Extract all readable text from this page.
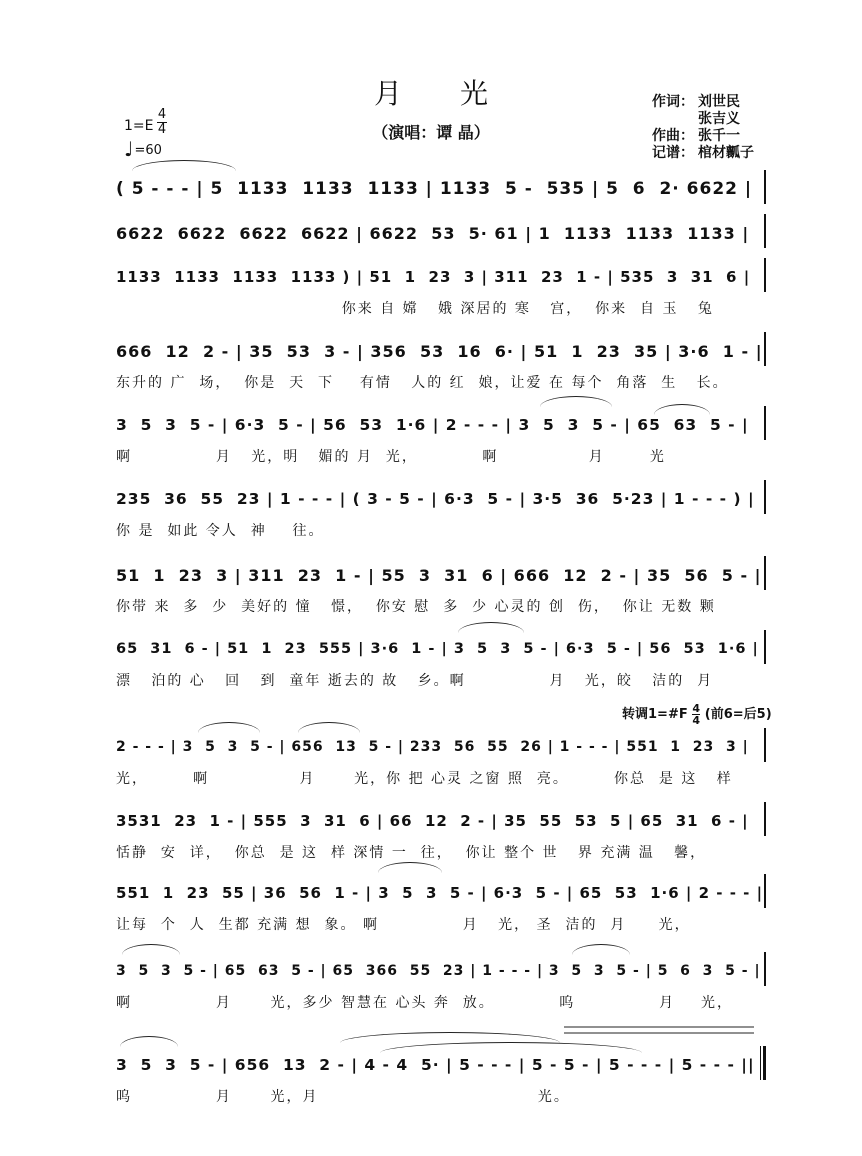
月光
（演唱：谭 晶）
1=E
4
4
♩=60
作词： 刘世民
张吉义
作曲： 张千一
记谱： 棺材瓤子
转调1=#F $\frac{4}{4}$ (前6=后5)
( 5 - - - | 5  1133  1133  1133 | 1133  5 -  535 | 5  6  2· 6622 |
6622  6622  6622  6622 | 6622  53  5· 61 | 1  1133  1133  1133 |
1133  1133  1133  1133 ) | 51  1  23  3 | 311  23  1 - | 535  3  31  6 |
你来 自 嫦   娥 深居的 寒   宫，  你来  自 玉   兔
666  12  2 - | 35  53  3 - | 356  53  16  6· | 51  1  23  35 | 3·6  1 - |
东升的 广  场，  你是  天  下    有情   人的 红  娘，让爱 在 每个  角落  生   长。
3  5  3  5 - | 6·3  5 - | 56  53  1·6 | 2 - - - | 3  5  3  5 - | 65  63  5 - |
啊             月   光，明   媚的 月  光，          啊              月       光
235  36  55  23 | 1 - - - | ( 3 - 5 - | 6·3  5 - | 3·5  36  5·23 | 1 - - - ) |
你 是  如此 令人  神    往。
51  1  23  3 | 311  23  1 - | 55  3  31  6 | 666  12  2 - | 35  56  5 - |
你带 来  多  少  美好的 憧   憬，  你安 慰  多  少 心灵的 创  伤，  你让 无数 颗
65  31  6 - | 51  1  23  555 | 3·6  1 - | 3  5  3  5 - | 6·3  5 - | 56  53  1·6 |
漂   泊的 心   回   到  童年 逝去的 故   乡。啊             月   光，皎   洁的  月
2 - - - | 3  5  3  5 - | 656  13  5 - | 233  56  55  26 | 1 - - - | 551  1  23  3 |
光，       啊              月      光，你 把 心灵 之窗 照  亮。       你总  是 这   样
3531  23  1 - | 555  3  31  6 | 66  12  2 - | 35  55  53  5 | 65  31  6 - |
恬静  安  详，  你总  是 这  样 深情 一  往，  你让 整个 世   界 充满 温   馨，
551  1  23  55 | 36  56  1 - | 3  5  3  5 - | 6·3  5 - | 65  53  1·6 | 2 - - - |
让每  个  人  生都 充满 想  象。 啊             月   光， 圣  洁的  月     光，
3  5  3  5 - | 65  63  5 - | 65  366  55  23 | 1 - - - | 3  5  3  5 - | 5  6  3  5 - |
啊             月      光，多少 智慧在 心头 奔  放。          呜             月    光，
3  5  3  5 - | 656  13  2 - | 4 - 4  5· | 5 - - - | 5 - 5 - | 5 - - - | 5 - - - ||
呜             月      光，月                                  光。
